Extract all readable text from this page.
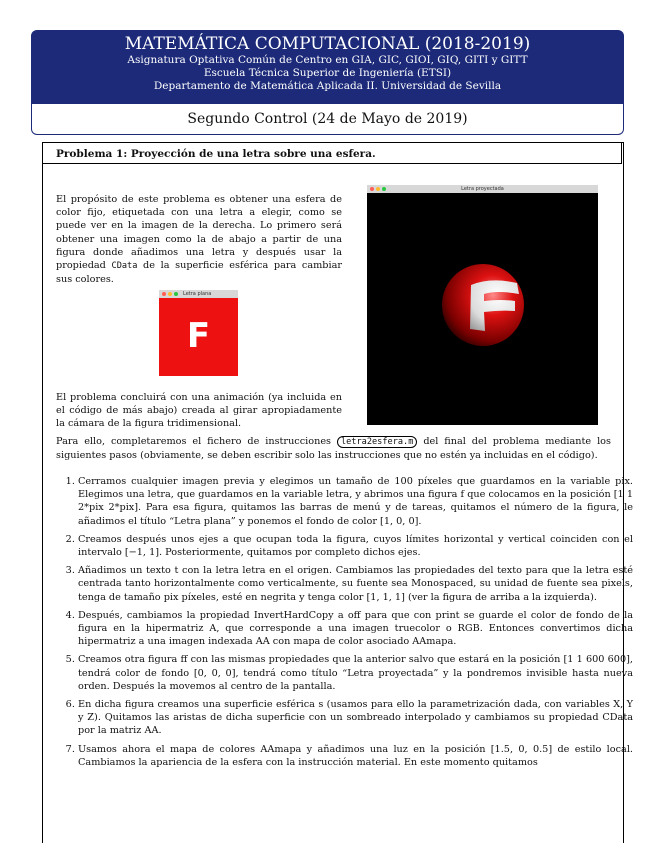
MATEMÁTICA COMPUTACIONAL (2018-2019)
Asignatura Optativa Común de Centro en GIA, GIC, GIOI, GIQ, GITI y GITT
Escuela Técnica Superior de Ingeniería (ETSI)
Departamento de Matemática Aplicada II. Universidad de Sevilla
Segundo Control (24 de Mayo de 2019)
Problema 1: Proyección de una letra sobre una esfera.
El propósito de este problema es obtener una esfera de color fijo, etiquetada con una letra a elegir, como se puede ver en la imagen de la derecha. Lo primero será obtener una imagen como la de abajo a partir de una figura donde añadimos una letra y después usar la propiedad CData de la superficie esférica para cambiar sus colores.
Letra plana
F
Letra proyectada
El problema concluirá con una animación (ya incluida en el código de más abajo) creada al girar apropiadamente la cámara de la figura tridimensional.
Para ello, completaremos el fichero de instrucciones letra2esfera.m del final del problema mediante los siguientes pasos (obviamente, se deben escribir solo las instrucciones que no estén ya incluidas en el código).
1. Cerramos cualquier imagen previa y elegimos un tamaño de 100 píxeles que guardamos en la variable pix. Elegimos una letra, que guardamos en la variable letra, y abrimos una figura f que colocamos en la posición [1 1 2*pix 2*pix]. Para esa figura, quitamos las barras de menú y de tareas, quitamos el número de la figura, le añadimos el título “Letra plana” y ponemos el fondo de color [1, 0, 0].
2. Creamos después unos ejes a que ocupan toda la figura, cuyos límites horizontal y vertical coinciden con el intervalo [−1, 1]. Posteriormente, quitamos por completo dichos ejes.
3. Añadimos un texto t con la letra letra en el origen. Cambiamos las propiedades del texto para que la letra esté centrada tanto horizontalmente como verticalmente, su fuente sea Monospaced, su unidad de fuente sea pixels, tenga de tamaño pix píxeles, esté en negrita y tenga color [1, 1, 1] (ver la figura de arriba a la izquierda).
4. Después, cambiamos la propiedad InvertHardCopy a off para que con print se guarde el color de fondo de la figura en la hipermatriz A, que corresponde a una imagen truecolor o RGB. Entonces convertimos dicha hipermatriz a una imagen indexada AA con mapa de color asociado AAmapa.
5. Creamos otra figura ff con las mismas propiedades que la anterior salvo que estará en la posición [1 1 600 600], tendrá color de fondo [0, 0, 0], tendrá como título “Letra proyectada” y la pondremos invisible hasta nueva orden. Después la movemos al centro de la pantalla.
6. En dicha figura creamos una superficie esférica s (usamos para ello la parametrización dada, con variables X, Y y Z). Quitamos las aristas de dicha superficie con un sombreado interpolado y cambiamos su propiedad CData por la matriz AA.
7. Usamos ahora el mapa de colores AAmapa y añadimos una luz en la posición [1.5, 0, 0.5] de estilo local. Cambiamos la apariencia de la esfera con la instrucción material. En este momento quitamos
